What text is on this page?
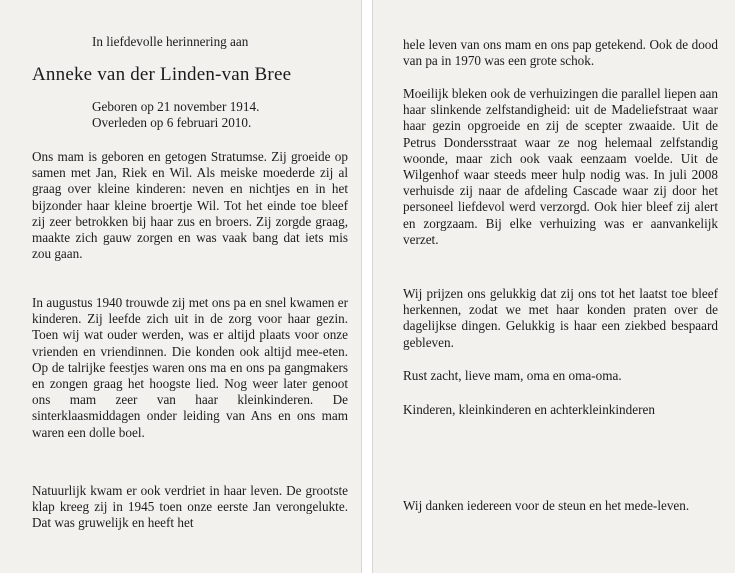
In liefdevolle herinnering aan
Anneke van der Linden-van Bree
Geboren op 21 november 1914.
Overleden op 6 februari 2010.

Ons mam is geboren en getogen Stratumse. Zij groeide op samen met Jan, Riek en Wil. Als meiske moederde zij al graag over kleine kinderen: neven en nichtjes en in het bijzonder haar kleine broertje Wil. Tot het einde toe bleef zij zeer betrokken bij haar zus en broers. Zij zorgde graag, maakte zich gauw zorgen en was vaak bang dat iets mis zou gaan.

In augustus 1940 trouwde zij met ons pa en snel kwamen er kinderen. Zij leefde zich uit in de zorg voor haar gezin. Toen wij wat ouder werden, was er altijd plaats voor onze vrienden en vriendinnen. Die konden ook altijd mee-eten. Op de talrijke feestjes waren ons ma en ons pa gangmakers en zongen graag het hoogste lied. Nog weer later genoot ons mam zeer van haar kleinkinderen. De sinterklaasmiddagen onder leiding van Ans en ons mam waren een dolle boel.

Natuurlijk kwam er ook verdriet in haar leven. De grootste klap kreeg zij in 1945 toen onze eerste Jan verongelukte. Dat was gruwelijk en heeft het

hele leven van ons mam en ons pap getekend. Ook de dood van pa in 1970 was een grote schok.

Moeilijk bleken ook de verhuizingen die parallel liepen aan haar slinkende zelfstandigheid: uit de Madeliefstraat waar haar gezin opgroeide en zij de scepter zwaaide. Uit de Petrus Dondersstraat waar ze nog helemaal zelfstandig woonde, maar zich ook vaak eenzaam voelde. Uit de Wilgenhof waar steeds meer hulp nodig was. In juli 2008 verhuisde zij naar de afdeling Cascade waar zij door het personeel liefdevol werd verzorgd. Ook hier bleef zij alert en zorgzaam. Bij elke verhuizing was er aanvankelijk verzet.

Wij prijzen ons gelukkig dat zij ons tot het laatst toe bleef herkennen, zodat we met haar konden praten over de dagelijkse dingen. Gelukkig is haar een ziekbed bespaard gebleven.

Rust zacht, lieve mam, oma en oma-oma.

Kinderen, kleinkinderen en achterkleinkinderen

Wij danken iedereen voor de steun en het mede-leven.
